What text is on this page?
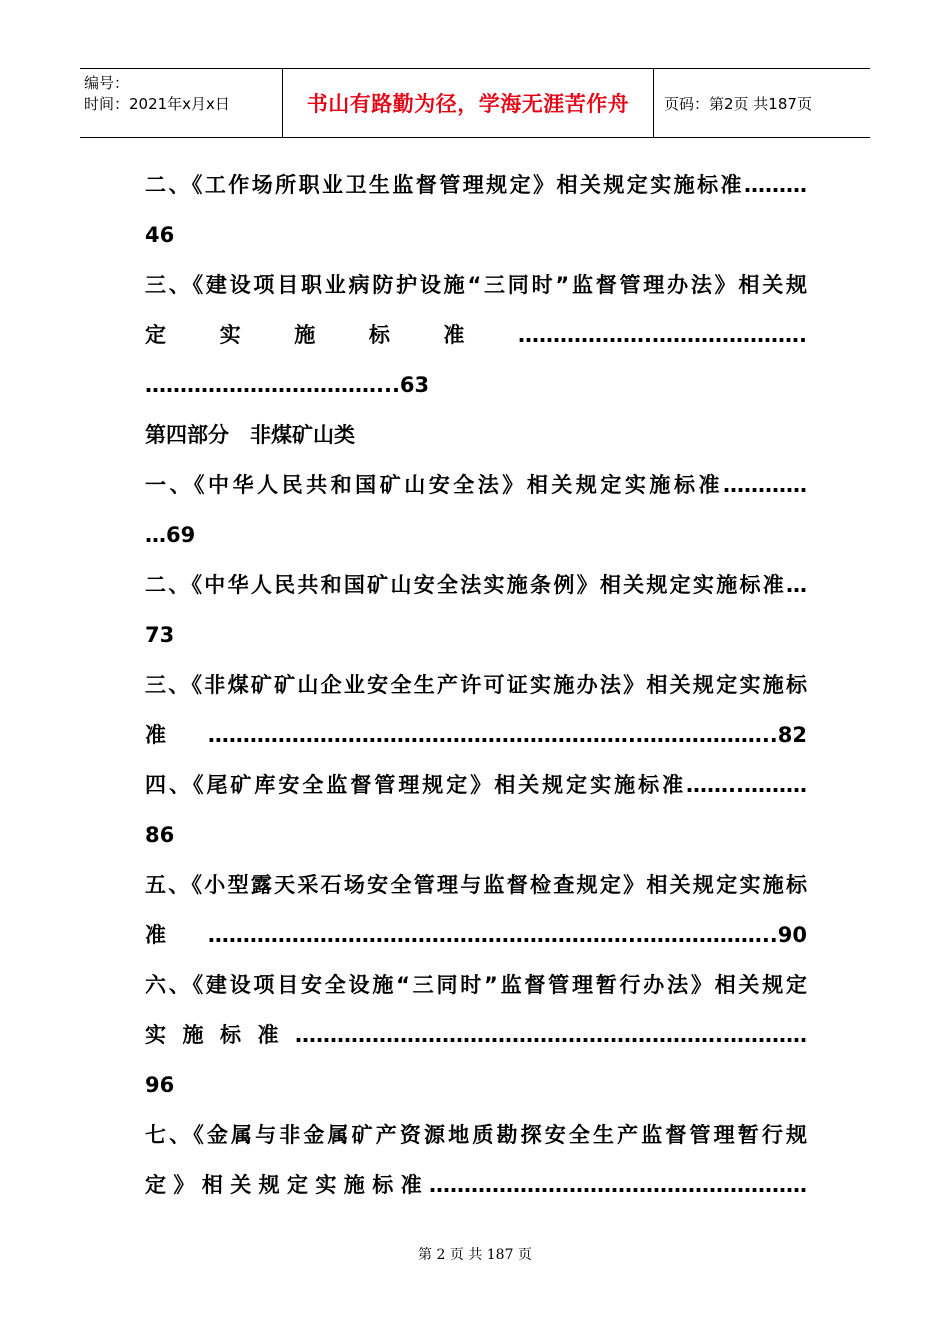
编号：
时间：2021年x月x日	书山有路勤为径，学海无涯苦作舟	页码：第2页 共187页
二、《工作场所职业卫生监督管理规定》相关规定实施标准………
46
三、《建设项目职业病防护设施“三同时”监督管理办法》相关规
定实施标准……………….………………….
……………………………...63
第四部分　非煤矿山类
一、《中华人民共和国矿山安全法》相关规定实施标准…………
…69
二、《中华人民共和国矿山安全法实施条例》相关规定实施标准…
73
三、《非煤矿矿山企业安全生产许可证实施办法》相关规定实施标
准…………………………………………………….………………..82
四、《尾矿库安全监督管理规定》相关规定实施标准……..………
86
五、《小型露天采石场安全管理与监督检查规定》相关规定实施标
准…………………………………………………….………………..90
六、《建设项目安全设施“三同时”监督管理暂行办法》相关规定
实施标准…………………………………………………….…………
96
七、《金属与非金属矿产资源地质勘探安全生产监督管理暂行规
定》相关规定实施标准………………………………………………
第 2 页 共 187 页
